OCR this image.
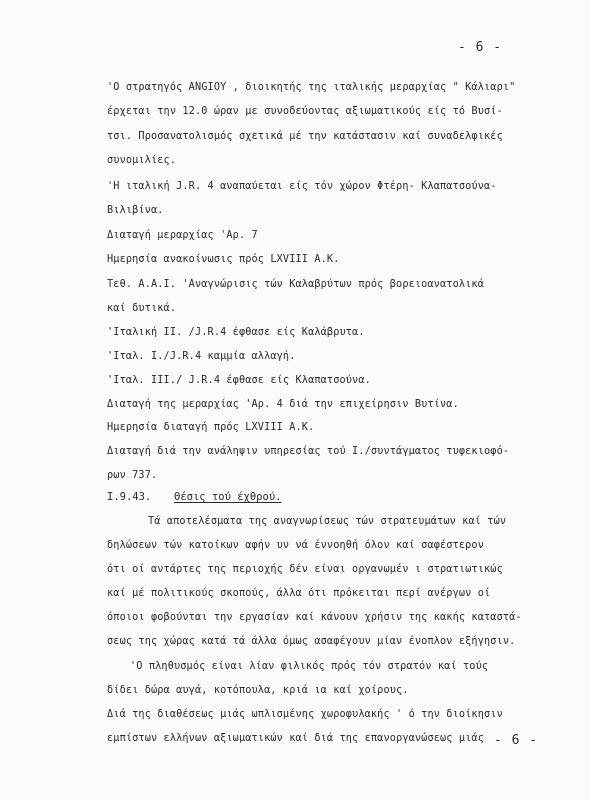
- 6 -
'Ο στρατηγός ANGIOY , διοικητής της ιταλικής μεραρχίας " Κάλιαρι"
έρχεται την 12.0 ώραν με συνοδεύοντας αξιωματικούς είς τό Βυσί-
τσι. Προσανατολισμός σχετικά μέ την κατάστασιν καί συναδελφικές
συνομιλίες.
'Η ιταλική J.R. 4 αναπαύεται είς τόν χώρον Φτέρη- Κλαπατσούνα-
Βιλιβίνα.
Διαταγή μεραρχίας 'Αρ. 7
Ημερησία ανακοίνωσις πρός LXVIII A.K.
Τεθ. Α.Α.Ι. 'Αναγνώρισις τών Καλαβρύτων πρός βορειοανατολικά
καί δυτικά.
'Ιταλική II. /J.R.4 έφθασε είς Καλάβρυτα.
'Ιταλ. I./J.R.4 καμμία αλλαγή.
'Ιταλ. III./ J.R.4 έφθασε είς Κλαπατσούνα.
Διαταγή της μεραρχίας 'Αρ. 4 διά την επιχείρησιν Βυτίνα.
Ημερησία διαταγή πρός LXVIII A.K.
Διαταγή διά την ανάληψιν υπηρεσίας τού I./συντάγματος τυφεκιοφό-
ρων 737.
I.9.43. Θέσις τού έχθρού.
Τά αποτελέσματα της αναγνωρίσεως τών στρατευμάτων καί τών
δηλώσεων τών κατοίκων αφήν υν νά έννοηθή όλον καί σαφέστερον
ότι οί αντάρτες της περιοχής δέν είναι οργανωμέν ι στρατιωτικώς
καί μέ πολιτικούς σκοπούς, άλλα ότι πρόκειται περί ανέργων οί
όποιοι φοβούνται την εργασίαν καί κάνουν χρήσιν της κακής καταστά-
σεως της χώρας κατά τά άλλα όμως ασαφέγουν μίαν ένοπλον εξήγησιν.
'Ο πληθυσμός είναι λίαν φιλικός πρός τόν στρατόν καί τούς
δίδει δώρα αυγά, κοτόπουλα, κριά ια καί χοίρους.
Διά της διαθέσεως μιάς ωπλισμένης χωροφυλακής ' ό την διοίκησιν
εμπίστων ελλήνων αξιωματικών καί διά της επανοργανώσεως μιάς - 6 -
